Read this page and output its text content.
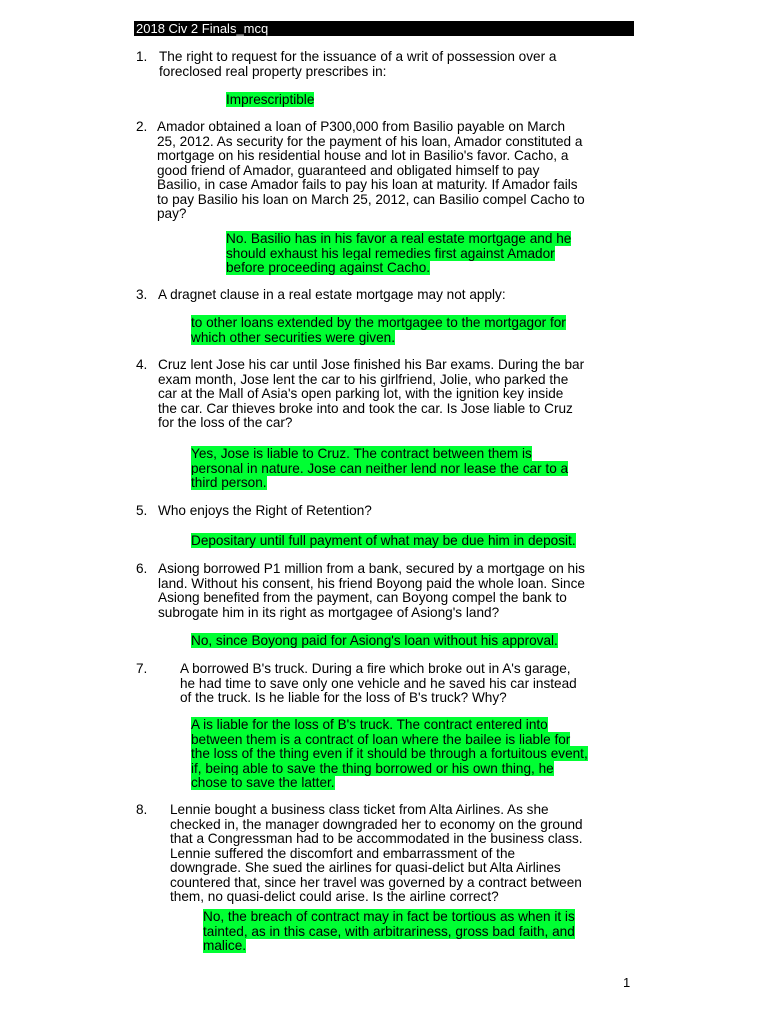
2018 Civ 2 Finals_mcq
1. The right to request for the issuance of a writ of possession over a
foreclosed real property prescribes in:
Imprescriptible
2. Amador obtained a loan of P300,000 from Basilio payable on March
25, 2012. As security for the payment of his loan, Amador constituted a
mortgage on his residential house and lot in Basilio's favor. Cacho, a
good friend of Amador, guaranteed and obligated himself to pay
Basilio, in case Amador fails to pay his loan at maturity. If Amador fails
to pay Basilio his loan on March 25, 2012, can Basilio compel Cacho to
pay?
No. Basilio has in his favor a real estate mortgage and he
should exhaust his legal remedies first against Amador
before proceeding against Cacho.
3. A dragnet clause in a real estate mortgage may not apply:
to other loans extended by the mortgagee to the mortgagor for
which other securities were given.
4. Cruz lent Jose his car until Jose finished his Bar exams. During the bar
exam month, Jose lent the car to his girlfriend, Jolie, who parked the
car at the Mall of Asia's open parking lot, with the ignition key inside
the car. Car thieves broke into and took the car. Is Jose liable to Cruz
for the loss of the car?
Yes, Jose is liable to Cruz. The contract between them is
personal in nature. Jose can neither lend nor lease the car to a
third person.
5. Who enjoys the Right of Retention?
Depositary until full payment of what may be due him in deposit.
6. Asiong borrowed P1 million from a bank, secured by a mortgage on his
land. Without his consent, his friend Boyong paid the whole loan. Since
Asiong benefited from the payment, can Boyong compel the bank to
subrogate him in its right as mortgagee of Asiong's land?
No, since Boyong paid for Asiong's loan without his approval.
7. A borrowed B's truck. During a fire which broke out in A's garage,
he had time to save only one vehicle and he saved his car instead
of the truck. Is he liable for the loss of B's truck? Why?
A is liable for the loss of B's truck. The contract entered into
between them is a contract of loan where the bailee is liable for
the loss of the thing even if it should be through a fortuitous event,
if, being able to save the thing borrowed or his own thing, he
chose to save the latter.
8. Lennie bought a business class ticket from Alta Airlines. As she
checked in, the manager downgraded her to economy on the ground
that a Congressman had to be accommodated in the business class.
Lennie suffered the discomfort and embarrassment of the
downgrade. She sued the airlines for quasi-delict but Alta Airlines
countered that, since her travel was governed by a contract between
them, no quasi-delict could arise. Is the airline correct?
No, the breach of contract may in fact be tortious as when it is
tainted, as in this case, with arbitrariness, gross bad faith, and
malice.
1
